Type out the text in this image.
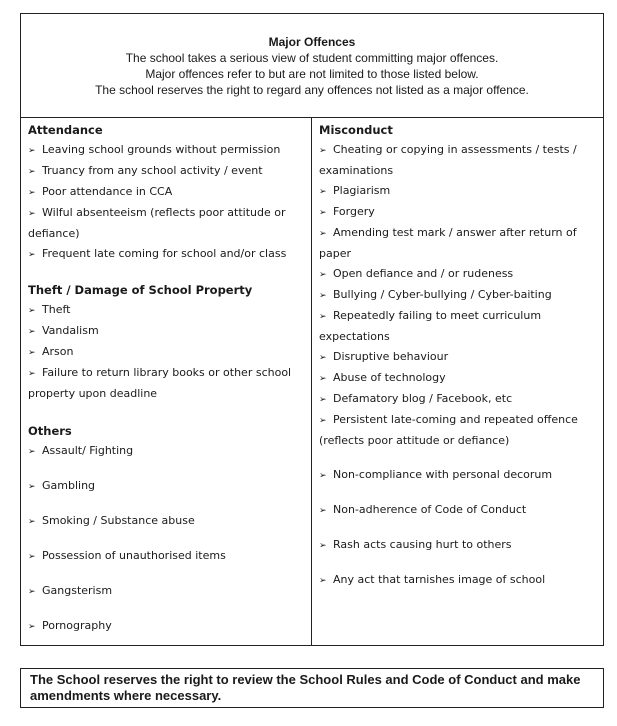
Major Offences
The school takes a serious view of student committing major offences.
Major offences refer to but are not limited to those listed below.
The school reserves the right to regard any offences not listed as a major offence.
Attendance
➢ Leaving school grounds without permission
➢ Truancy from any school activity / event
➢ Poor attendance in CCA
➢ Wilful absenteeism (reflects poor attitude or defiance)
➢ Frequent late coming for school and/or class
Theft / Damage of School Property
➢ Theft
➢ Vandalism
➢ Arson
➢ Failure to return library books or other school property upon deadline
Others
➢ Assault/ Fighting
➢ Gambling
➢ Smoking / Substance abuse
➢ Possession of unauthorised items
➢ Gangsterism
➢ Pornography
Misconduct
➢ Cheating or copying in assessments / tests / examinations
➢ Plagiarism
➢ Forgery
➢ Amending test mark / answer after return of paper
➢ Open defiance and / or rudeness
➢ Bullying / Cyber-bullying / Cyber-baiting
➢ Repeatedly failing to meet curriculum expectations
➢ Disruptive behaviour
➢ Abuse of technology
➢ Defamatory blog / Facebook, etc
➢ Persistent late-coming and repeated offence (reflects poor attitude or defiance)
➢ Non-compliance with personal decorum
➢ Non-adherence of Code of Conduct
➢ Rash acts causing hurt to others
➢ Any act that tarnishes image of school
The School reserves the right to review the School Rules and Code of Conduct and make amendments where necessary.
